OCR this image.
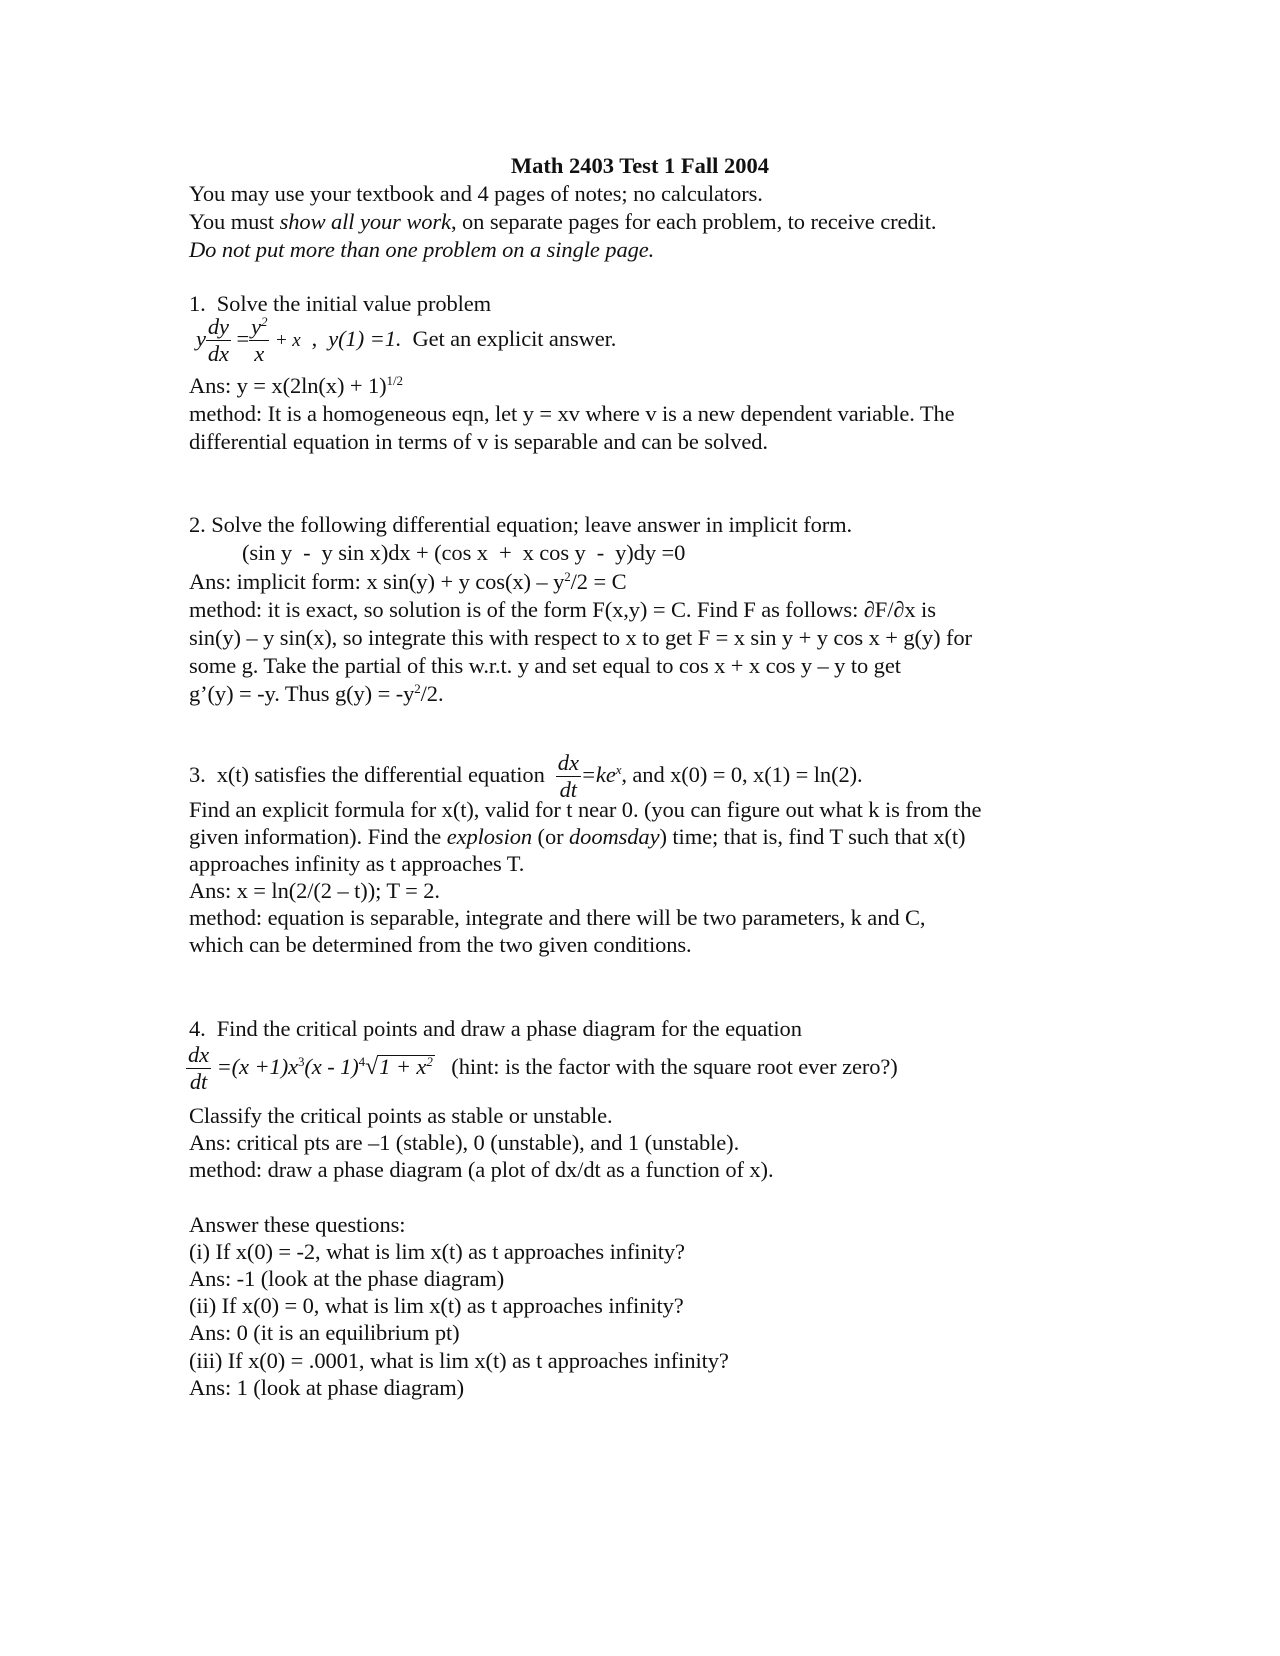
Math 2403 Test 1 Fall 2004
You may use your textbook and 4 pages of notes; no calculators.
You must show all your work, on separate pages for each problem, to receive credit.
Do not put more than one problem on a single page.
1. Solve the initial value problem
y $\frac{dy}{dx} = \frac{y^2}{x} + x$ , y(1) =1. Get an explicit answer.
Ans: $y = x(2\ln(x) + 1)^{1/2}$
method: It is a homogeneous eqn, let y = xv where v is a new dependent variable. The
differential equation in terms of v is separable and can be solved.
2. Solve the following differential equation; leave answer in implicit form.
(sin y  -  y sin x)dx + (cos x  +  x cos y  -  y)dy =0
Ans: implicit form: x sin(y) + y $\cos(x) - y^2/2 = C$
method: it is exact, so solution is of the form F(x,y) = C. Find F as follows: ∂F/∂x is
sin(y) – y sin(x), so integrate this with respect to x to get F = x sin y + y cos x + g(y) for
some g. Take the partial of this w.r.t. y and set equal to cos x + x cos y – y to get
g’(y) = -y. Thus $g(y) = -y^2/2$.
3. x(t) satisfies the differential equation $\frac{dx}{dt} =ke^x$, and x(0) = 0, x(1) = ln(2).
Find an explicit formula for x(t), valid for t near 0. (you can figure out what k is from the
given information). Find the explosion (or doomsday) time; that is, find T such that x(t)
approaches infinity as t approaches T.
Ans: x = ln(2/(2 – t)); T = 2.
method: equation is separable, integrate and there will be two parameters, k and C,
which can be determined from the two given conditions.
4. Find the critical points and draw a phase diagram for the equation
$\frac{dx}{dt} =(x +1)x^3(x - 1)^4√1 + x^2$ (hint: is the factor with the square root ever zero?)
Classify the critical points as stable or unstable.
Ans: critical pts are –1 (stable), 0 (unstable), and 1 (unstable).
method: draw a phase diagram (a plot of dx/dt as a function of x).
Answer these questions:
(i) If x(0) = -2, what is lim x(t) as t approaches infinity?
Ans: -1 (look at the phase diagram)
(ii) If x(0) = 0, what is lim x(t) as t approaches infinity?
Ans: 0 (it is an equilibrium pt)
(iii) If x(0) = .0001, what is lim x(t) as t approaches infinity?
Ans: 1 (look at phase diagram)
